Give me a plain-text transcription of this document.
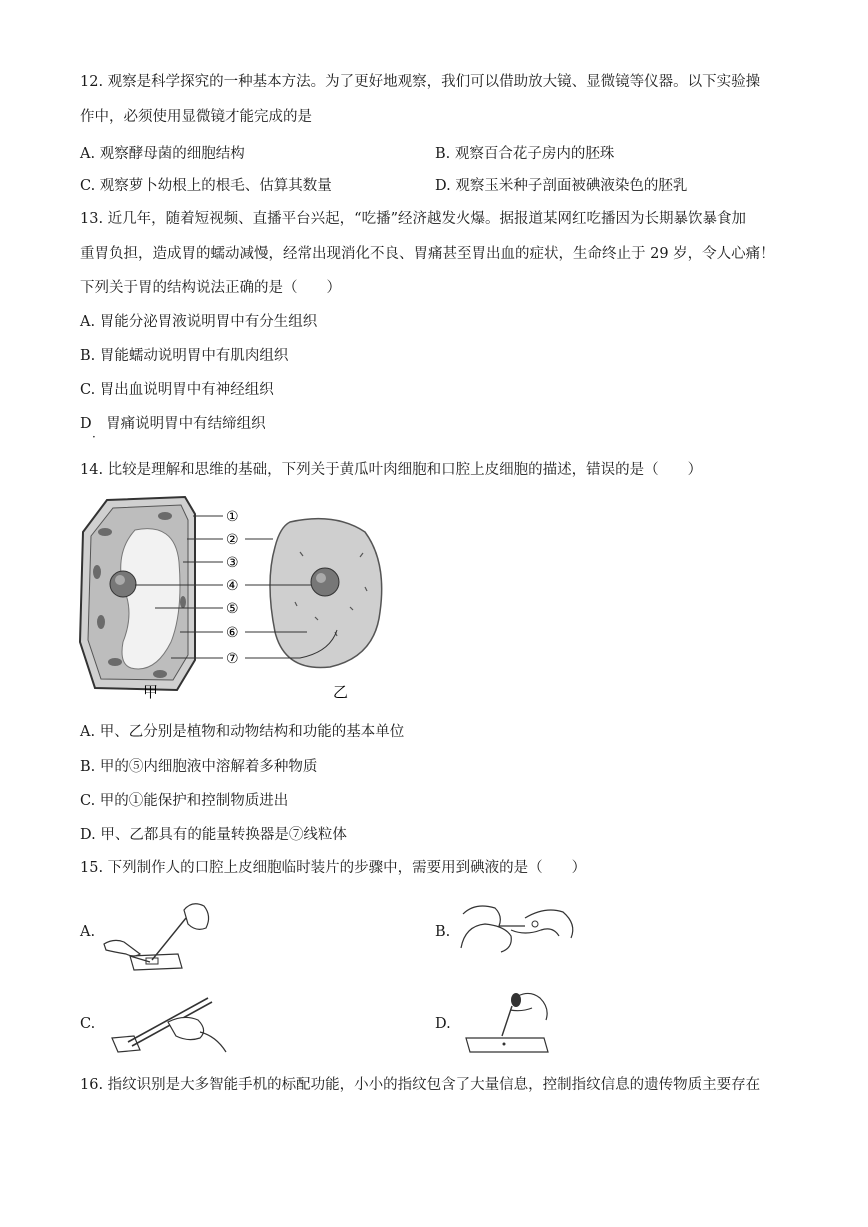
12. 观察是科学探究的一种基本方法。为了更好地观察，我们可以借助放大镜、显微镜等仪器。以下实验操
作中，必须使用显微镜才能完成的是
A. 观察酵母菌的细胞结构	B. 观察百合花子房内的胚珠
C. 观察萝卜幼根上的根毛、估算其数量	D. 观察玉米种子剖面被碘液染色的胚乳
13. 近几年，随着短视频、直播平台兴起，“吃播”经济越发火爆。据报道某网红吃播因为长期暴饮暴食加
重胃负担，造成胃的蠕动减慢，经常出现消化不良、胃痛甚至胃出血的症状，生命终止于 29 岁，令人心痛！
下列关于胃的结构说法正确的是（　　）
A. 胃能分泌胃液说明胃中有分生组织
B. 胃能蠕动说明胃中有肌肉组织
C. 胃出血说明胃中有神经组织
D　胃痛说明胃中有结缔组织
·
14. 比较是理解和思维的基础，下列关于黄瓜叶肉细胞和口腔上皮细胞的描述，错误的是（　　）
①
②
③
④
⑤
⑥
⑦
甲	乙
A. 甲、乙分别是植物和动物结构和功能的基本单位
B. 甲的⑤内细胞液中溶解着多种物质
C. 甲的①能保护和控制物质进出
D. 甲、乙都具有的能量转换器是⑦线粒体
15. 下列制作人的口腔上皮细胞临时装片的步骤中，需要用到碘液的是（　　）
A.	B.
C.	D.
16. 指纹识别是大多智能手机的标配功能，小小的指纹包含了大量信息，控制指纹信息的遗传物质主要存在
